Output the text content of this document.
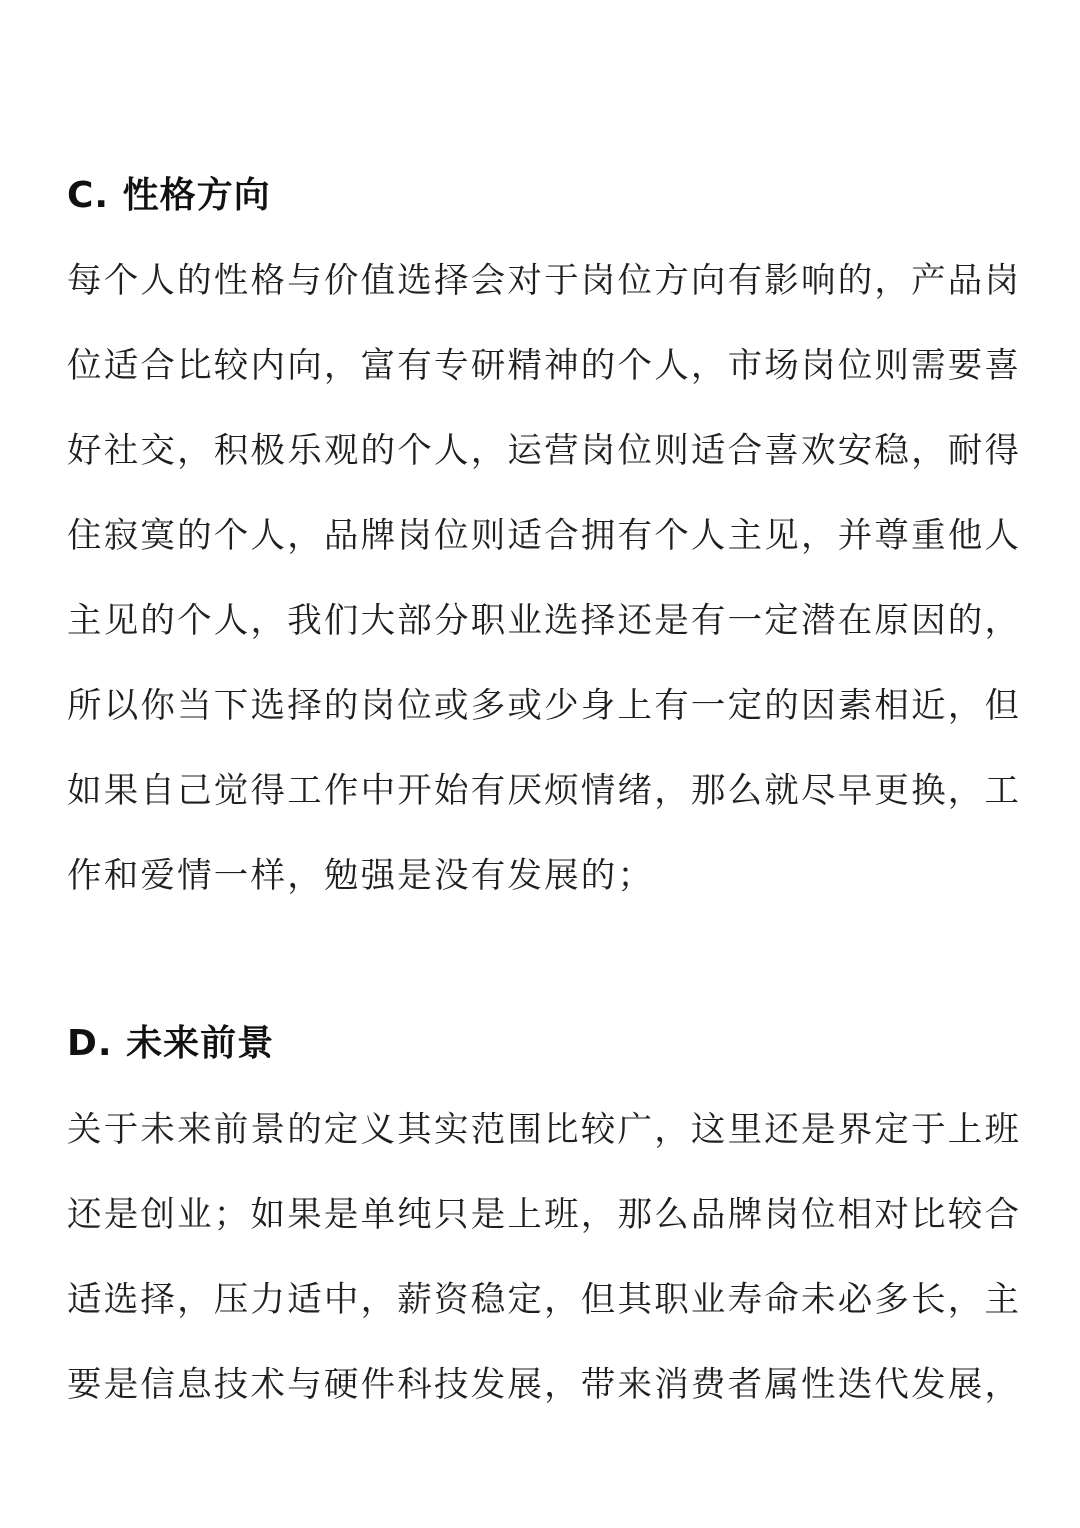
C. 性格方向

每个人的性格与价值选择会对于岗位方向有影响的，产品岗

位适合比较内向，富有专研精神的个人，市场岗位则需要喜

好社交，积极乐观的个人，运营岗位则适合喜欢安稳，耐得

住寂寞的个人，品牌岗位则适合拥有个人主见，并尊重他人

主见的个人，我们大部分职业选择还是有一定潜在原因的，

所以你当下选择的岗位或多或少身上有一定的因素相近，但

如果自己觉得工作中开始有厌烦情绪，那么就尽早更换，工

作和爱情一样，勉强是没有发展的；

D. 未来前景

关于未来前景的定义其实范围比较广，这里还是界定于上班

还是创业；如果是单纯只是上班，那么品牌岗位相对比较合

适选择，压力适中，薪资稳定，但其职业寿命未必多长，主

要是信息技术与硬件科技发展，带来消费者属性迭代发展，
